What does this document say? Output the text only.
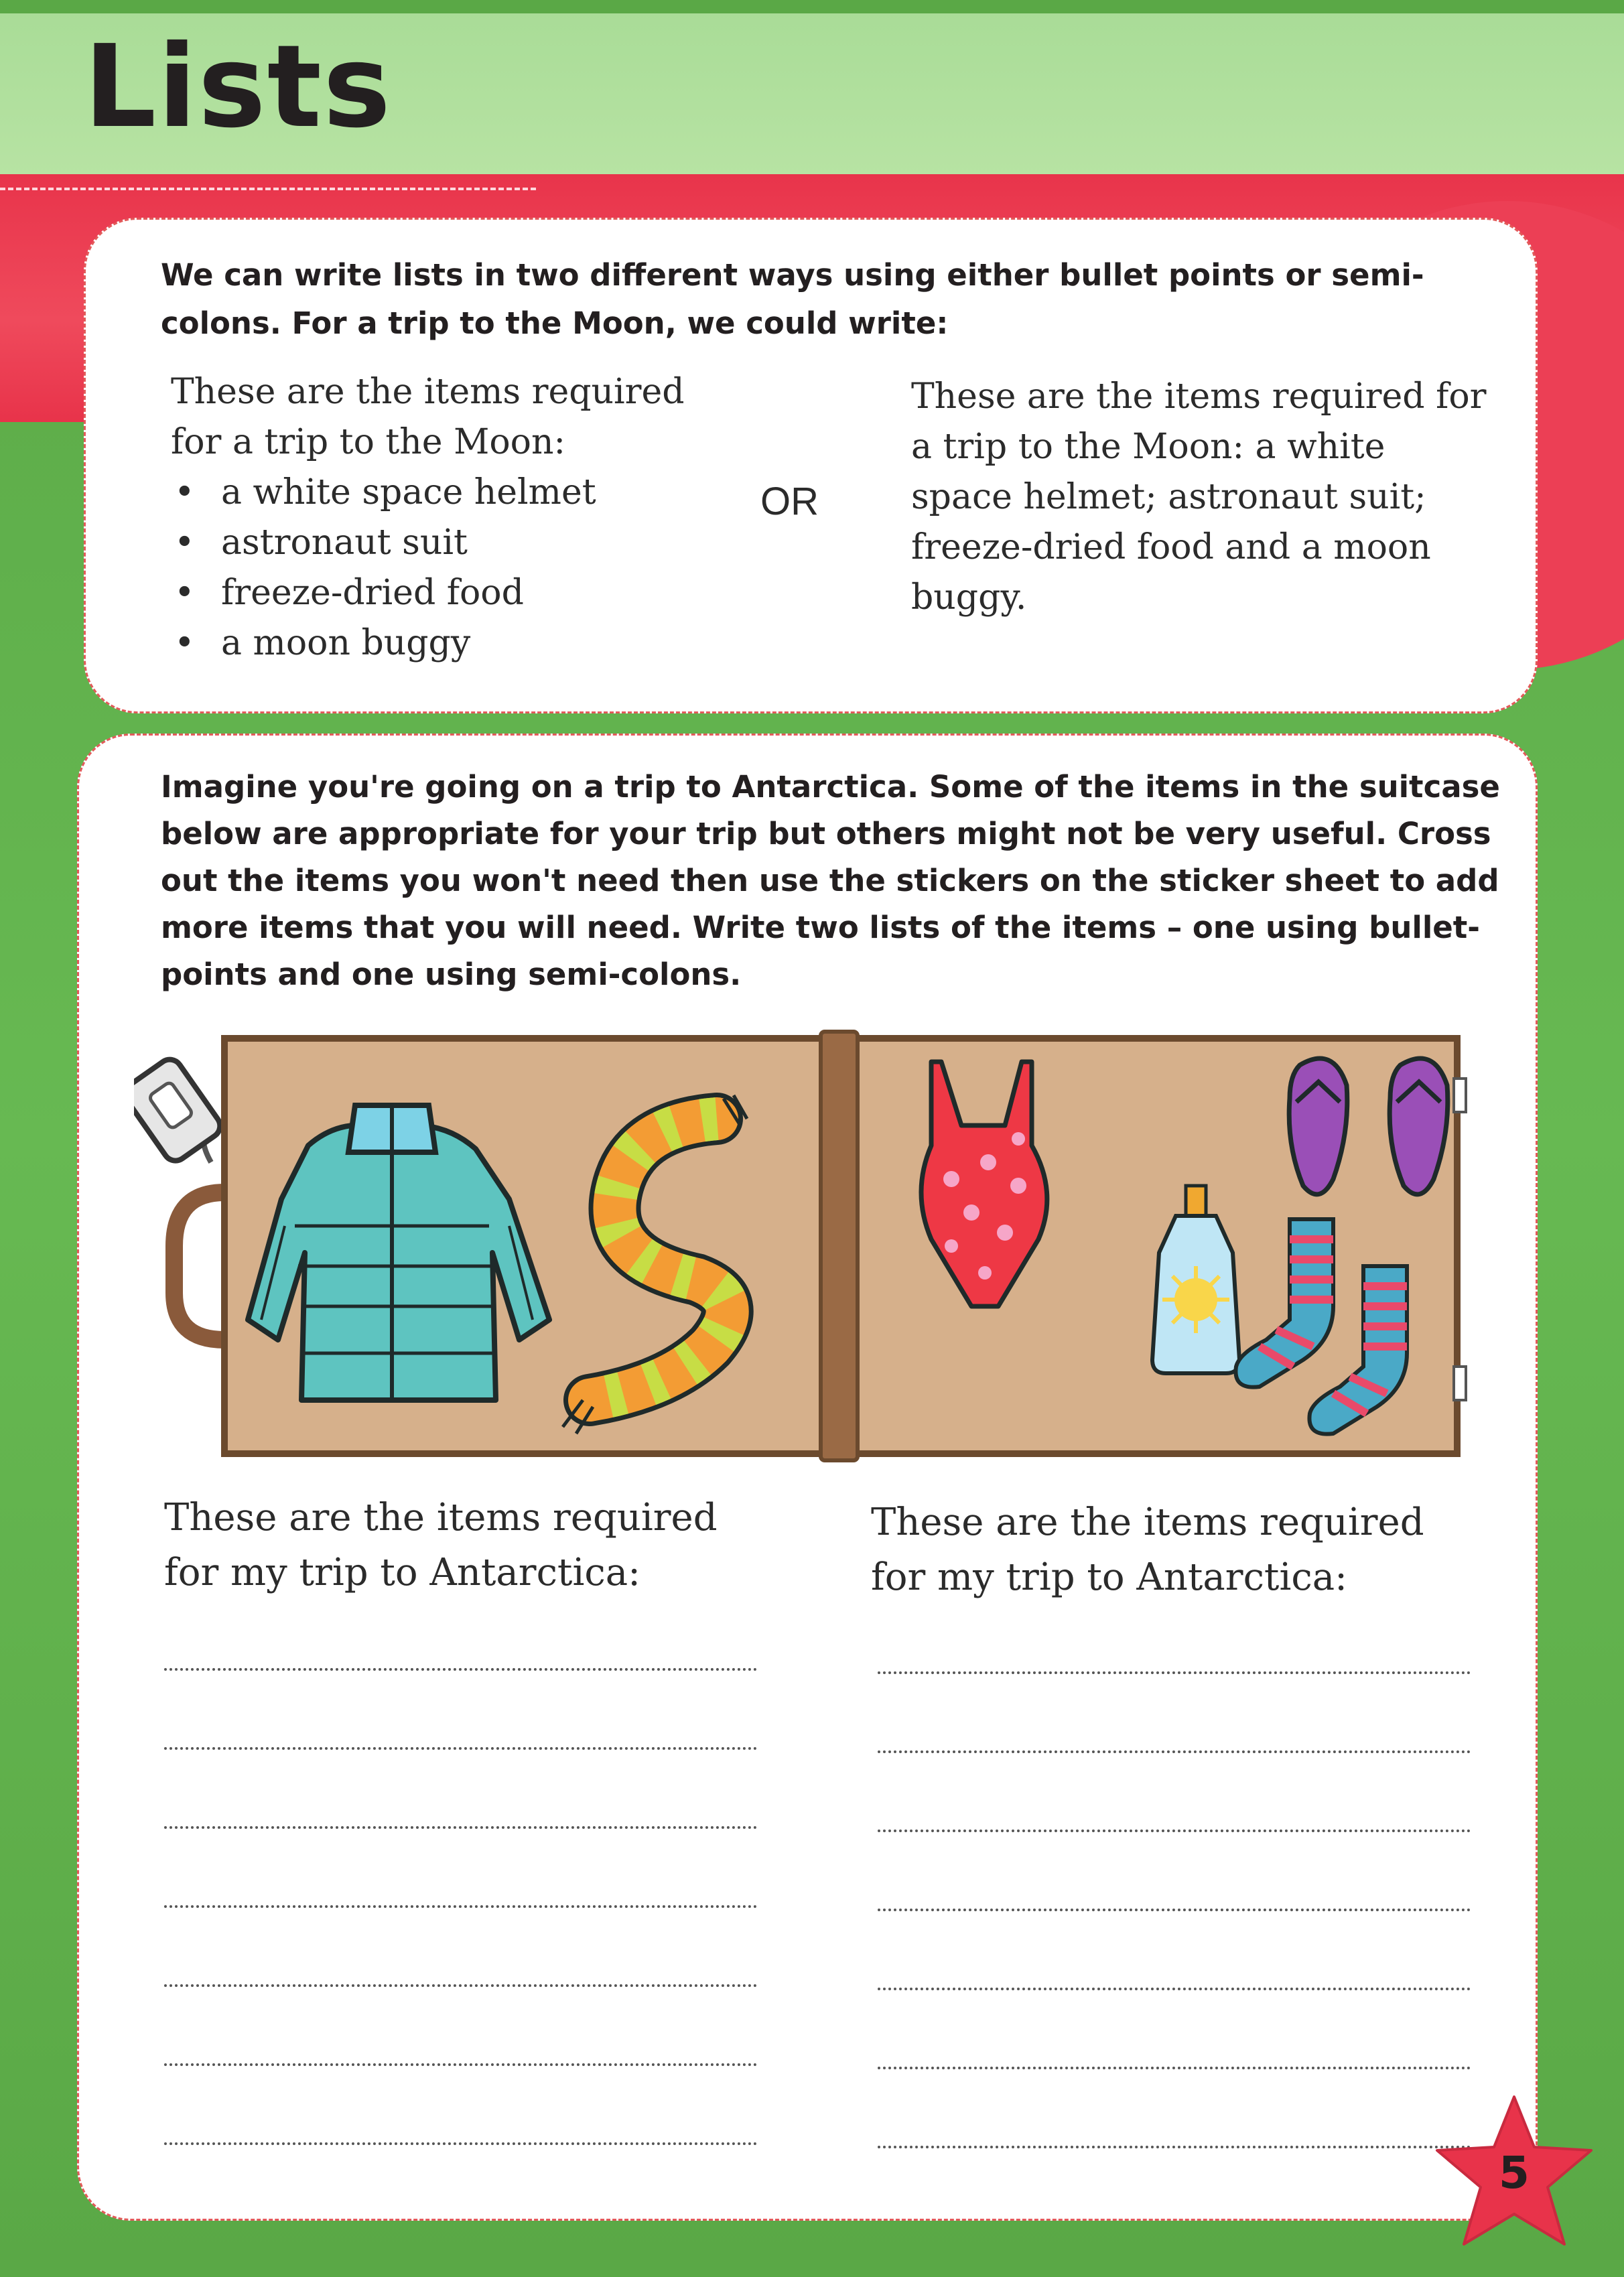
Lists

We can write lists in two different ways using either bullet points or semi-colons. For a trip to the Moon, we could write:

These are the items required

for a trip to the Moon:

• a white space helmet
• astronaut suit
• freeze-dried food
• a moon buggy
OR

These are the items required for a trip to the Moon: a white space helmet; astronaut suit; freeze-dried food and a moon buggy.

Imagine you're going on a trip to Antarctica. Some of the items in the suitcase below are appropriate for your trip but others might not be very useful. Cross out the items you won't need then use the stickers on the sticker sheet to add more items that you will need. Write two lists of the items – one using bullet-points and one using semi-colons.

These are the items required for my trip to Antarctica:

These are the items required for my trip to Antarctica:

5
